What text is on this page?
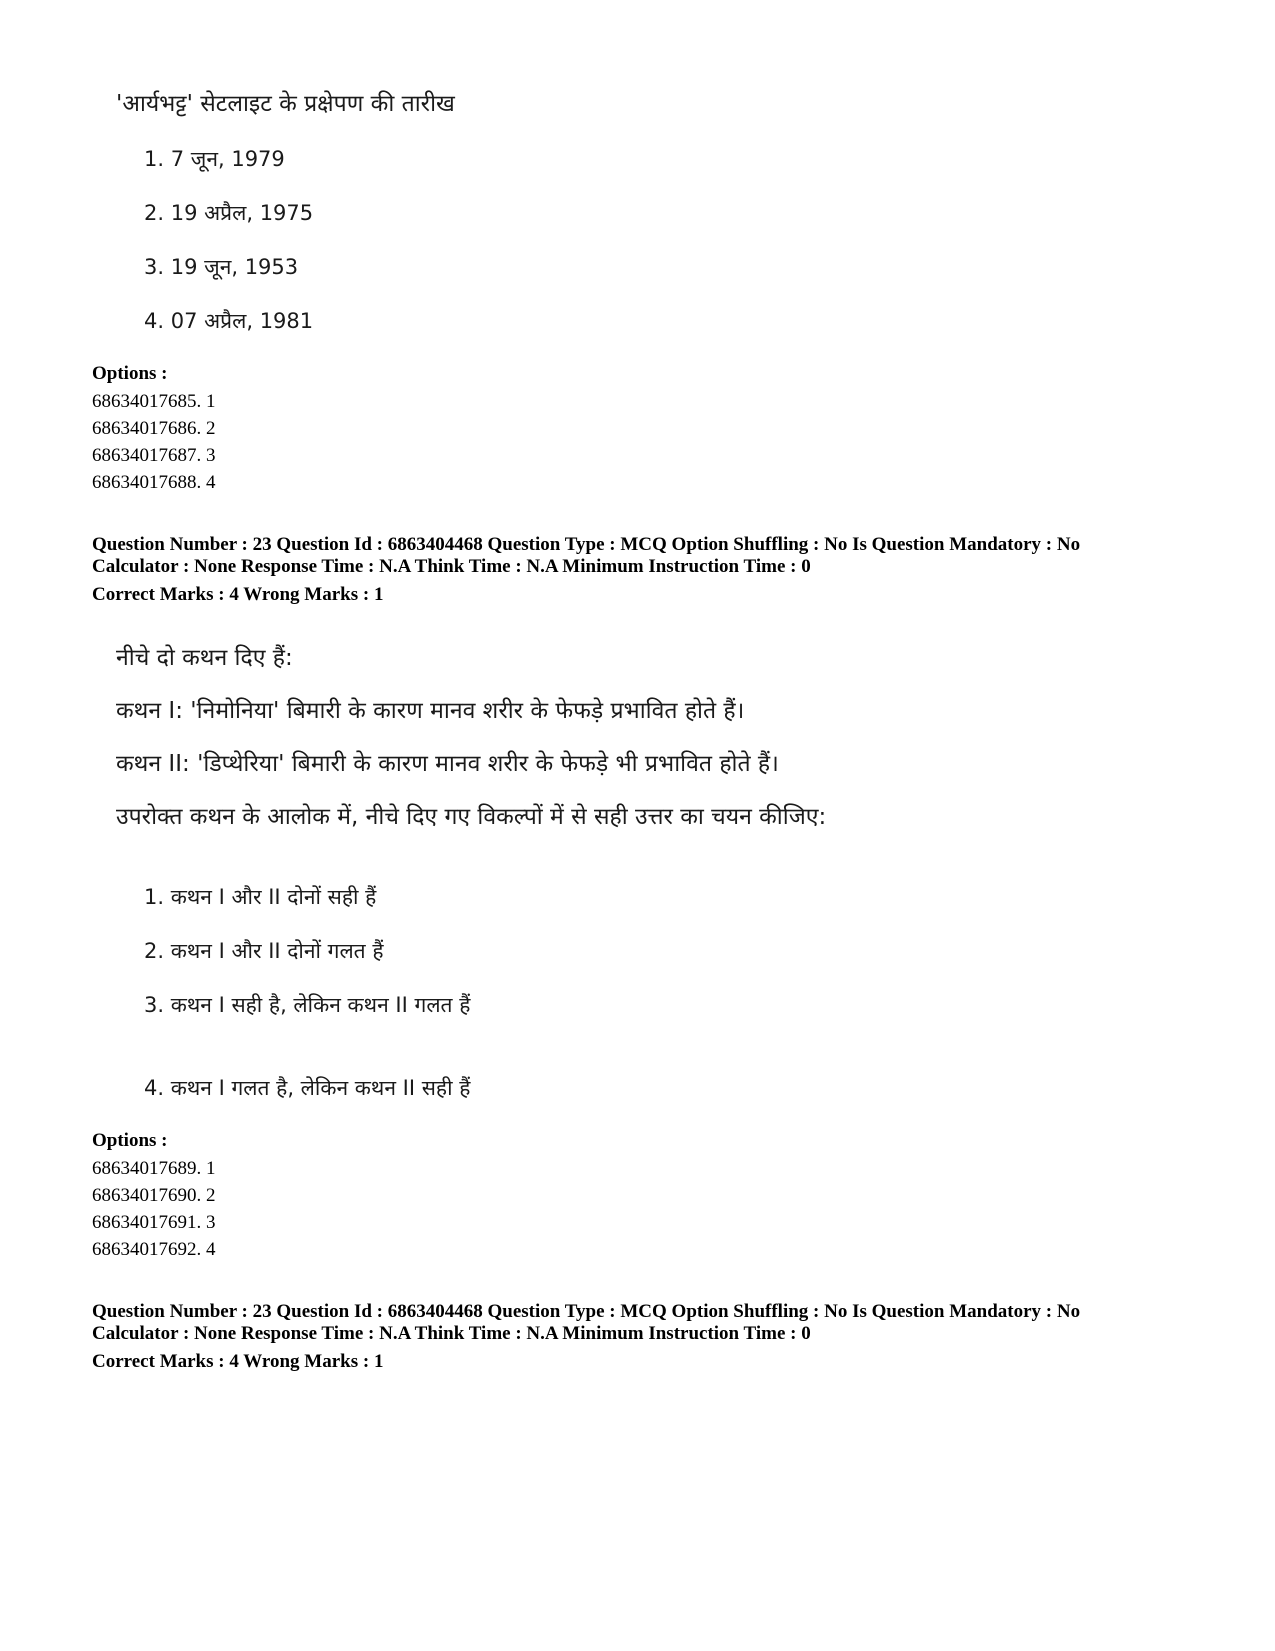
'आर्यभट्ट' सेटलाइट के प्रक्षेपण की तारीख
1. 7 जून, 1979
2. 19 अप्रैल, 1975
3. 19 जून, 1953
4. 07 अप्रैल, 1981
Options :
68634017685. 1
68634017686. 2
68634017687. 3
68634017688. 4
Question Number : 23 Question Id : 6863404468 Question Type : MCQ Option Shuffling : No Is Question Mandatory : No
Calculator : None Response Time : N.A Think Time : N.A Minimum Instruction Time : 0
Correct Marks : 4 Wrong Marks : 1
नीचे दो कथन दिए हैं:
कथन I: 'निमोनिया' बिमारी के कारण मानव शरीर के फेफड़े प्रभावित होते हैं।
कथन II: 'डिप्थेरिया' बिमारी के कारण मानव शरीर के फेफड़े भी प्रभावित होते हैं।
उपरोक्त कथन के आलोक में, नीचे दिए गए विकल्पों में से सही उत्तर का चयन कीजिए:
1. कथन I और II दोनों सही हैं
2. कथन I और II दोनों गलत हैं
3. कथन I सही है, लेकिन कथन II गलत हैं
4. कथन I गलत है, लेकिन कथन II सही हैं
Options :
68634017689. 1
68634017690. 2
68634017691. 3
68634017692. 4
Question Number : 23 Question Id : 6863404468 Question Type : MCQ Option Shuffling : No Is Question Mandatory : No
Calculator : None Response Time : N.A Think Time : N.A Minimum Instruction Time : 0
Correct Marks : 4 Wrong Marks : 1
